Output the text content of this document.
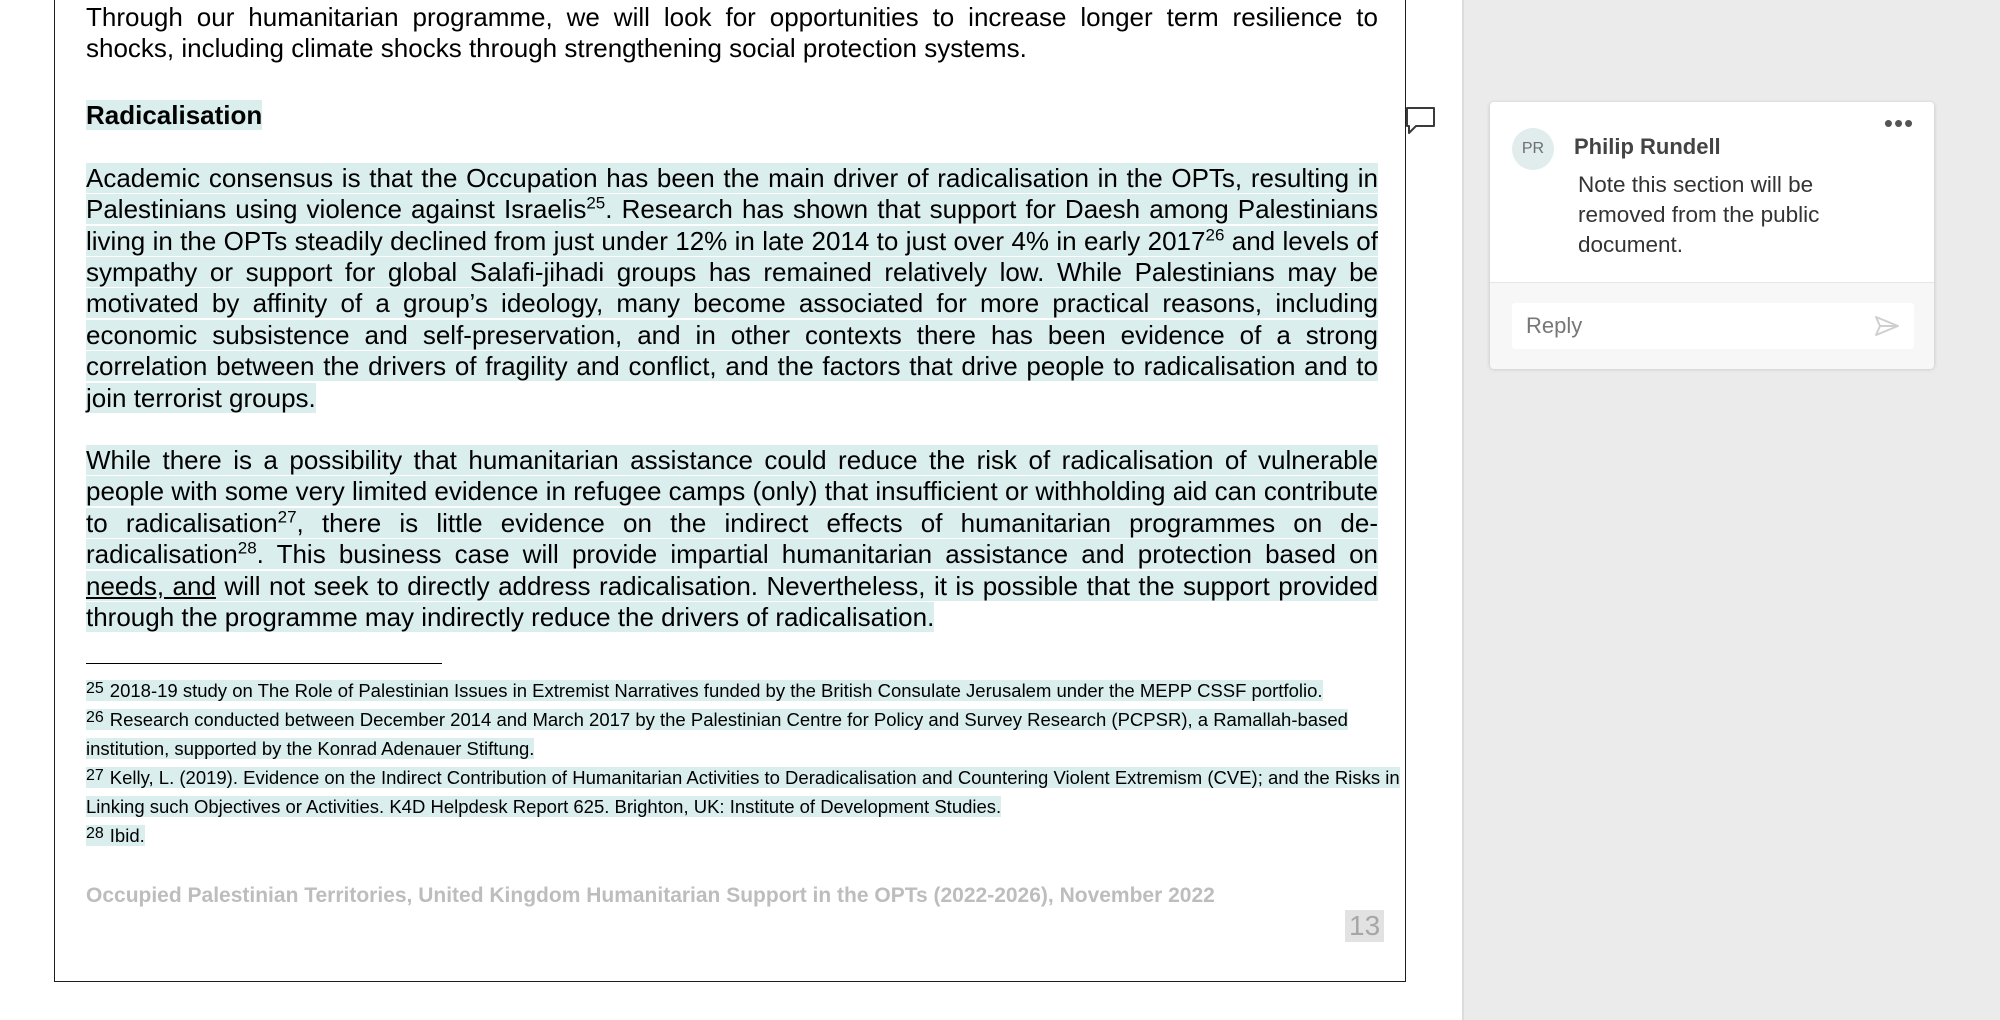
Through our humanitarian programme, we will look for opportunities to increase longer term resilience to shocks, including climate shocks through strengthening social protection systems.

Radicalisation

Academic consensus is that the Occupation has been the main driver of radicalisation in the OPTs, resulting in Palestinians using violence against Israelis$^{25}$. Research has shown that support for Daesh among Palestinians living in the OPTs steadily declined from just under 12% in late 2014 to just over 4% in early 2017$^{26}$ and levels of sympathy or support for global Salafi-jihadi groups has remained relatively low. While Palestinians may be motivated by affinity of a group’s ideology, many become associated for more practical reasons, including economic subsistence and self-preservation, and in other contexts there has been evidence of a strong correlation between the drivers of fragility and conflict, and the factors that drive people to radicalisation and to join terrorist groups.

While there is a possibility that humanitarian assistance could reduce the risk of radicalisation of vulnerable people with some very limited evidence in refugee camps (only) that insufficient or withholding aid can contribute to radicalisation$^{27}$, there is little evidence on the indirect effects of humanitarian programmes on de-radicalisation$^{28}$. This business case will provide impartial humanitarian assistance and protection based on needs, and will not seek to directly address radicalisation. Nevertheless, it is possible that the support provided through the programme may indirectly reduce the drivers of radicalisation.

$^{25}$ 2018-19 study on The Role of Palestinian Issues in Extremist Narratives funded by the British Consulate Jerusalem under the MEPP CSSF portfolio.

$^{26}$ Research conducted between December 2014 and March 2017 by the Palestinian Centre for Policy and Survey Research (PCPSR), a Ramallah-based institution, supported by the Konrad Adenauer Stiftung.

$^{27}$ Kelly, L. (2019). Evidence on the Indirect Contribution of Humanitarian Activities to Deradicalisation and Countering Violent Extremism (CVE); and the Risks in Linking such Objectives or Activities. K4D Helpdesk Report 625. Brighton, UK: Institute of Development Studies.

$^{28}$ Ibid.

Occupied Palestinian Territories, United Kingdom Humanitarian Support in the OPTs (2022-2026), November 2022
13
•••
PR	Philip Rundell
Note this section will be removed from the public document.
Reply
